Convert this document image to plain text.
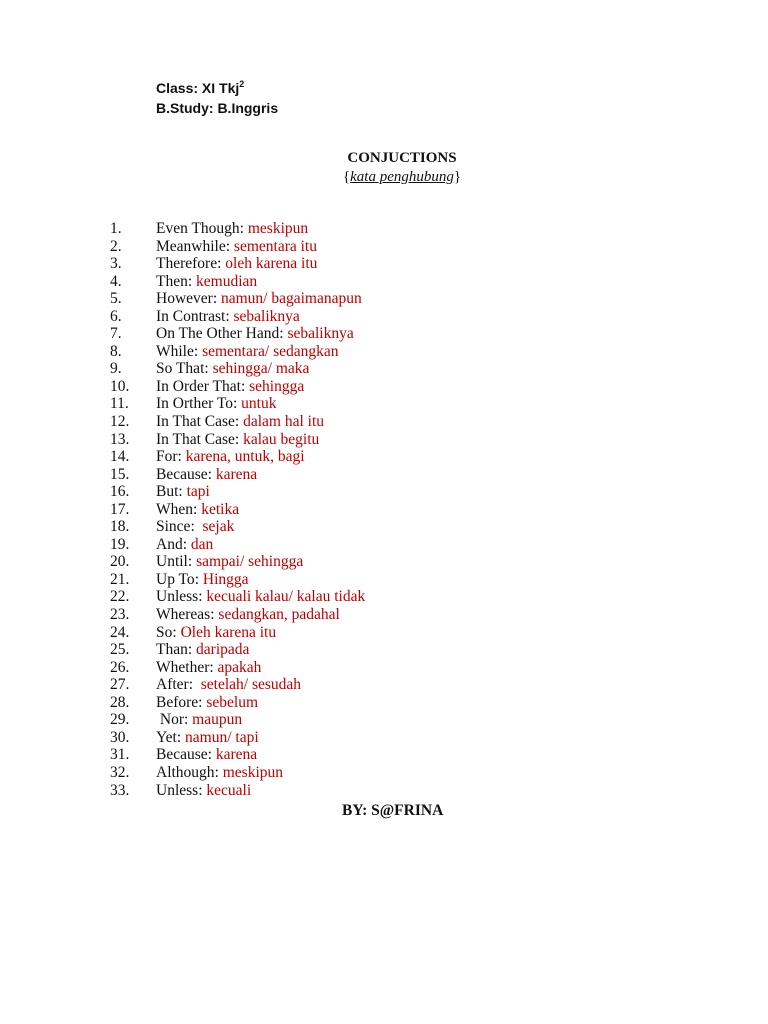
Class: XI Tkj$^2$
B.Study: B.Inggris
CONJUCTIONS
{kata penghubung}
1.	Even Though: meskipun
2.	Meanwhile: sementara itu
3.	Therefore: oleh karena itu
4.	Then: kemudian
5.	However: namun/ bagaimanapun
6.	In Contrast: sebaliknya
7.	On The Other Hand: sebaliknya
8.	While: sementara/ sedangkan
9.	So That: sehingga/ maka
10.	In Order That: sehingga
11.	In Orther To: untuk
12.	In That Case: dalam hal itu
13.	In That Case: kalau begitu
14.	For: karena, untuk, bagi
15.	Because: karena
16.	But: tapi
17.	When: ketika
18.	Since:  sejak
19.	And: dan
20.	Until: sampai/ sehingga
21.	Up To: Hingga
22.	Unless: kecuali kalau/ kalau tidak
23.	Whereas: sedangkan, padahal
24.	So: Oleh karena itu
25.	Than: daripada
26.	Whether: apakah
27.	After:  setelah/ sesudah
28.	Before: sebelum
29.	Nor: maupun
30.	Yet: namun/ tapi
31.	Because: karena
32.	Although: meskipun
33.	Unless: kecuali
BY: S@FRINA
